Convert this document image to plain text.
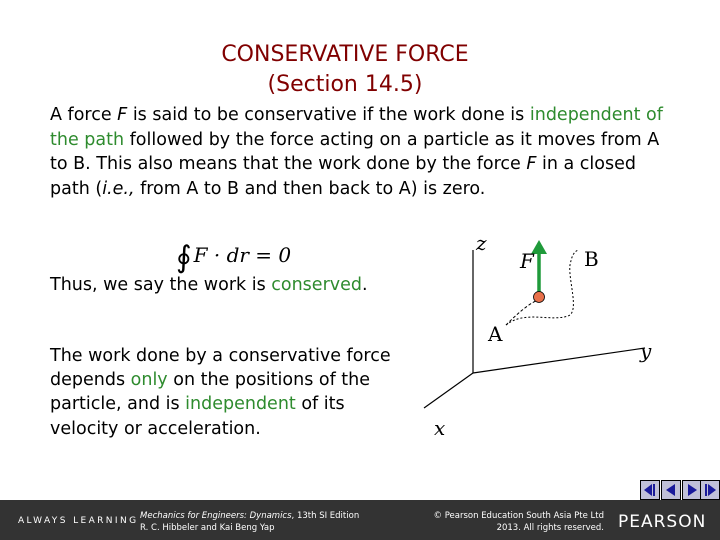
CONSERVATIVE FORCE
(Section 14.5)
A force F is said to be conservative if the work done is independent of the path followed by the force acting on a particle as it moves from A to B. This also means that the work done by the force F in a closed path (i.e., from A to B and then back to A) is zero.
∮ F · dr = 0
Thus, we say the work is conserved.
The work done by a conservative force depends only on the positions of the particle, and is independent of its velocity or acceleration.
z
y
x
F
A
B
ALWAYS LEARNING Mechanics for Engineers: Dynamics, 13th SI Edition
R. C. Hibbeler and Kai Beng Yap
© Pearson Education South Asia Pte Ltd
2013. All rights reserved. PEARSON
